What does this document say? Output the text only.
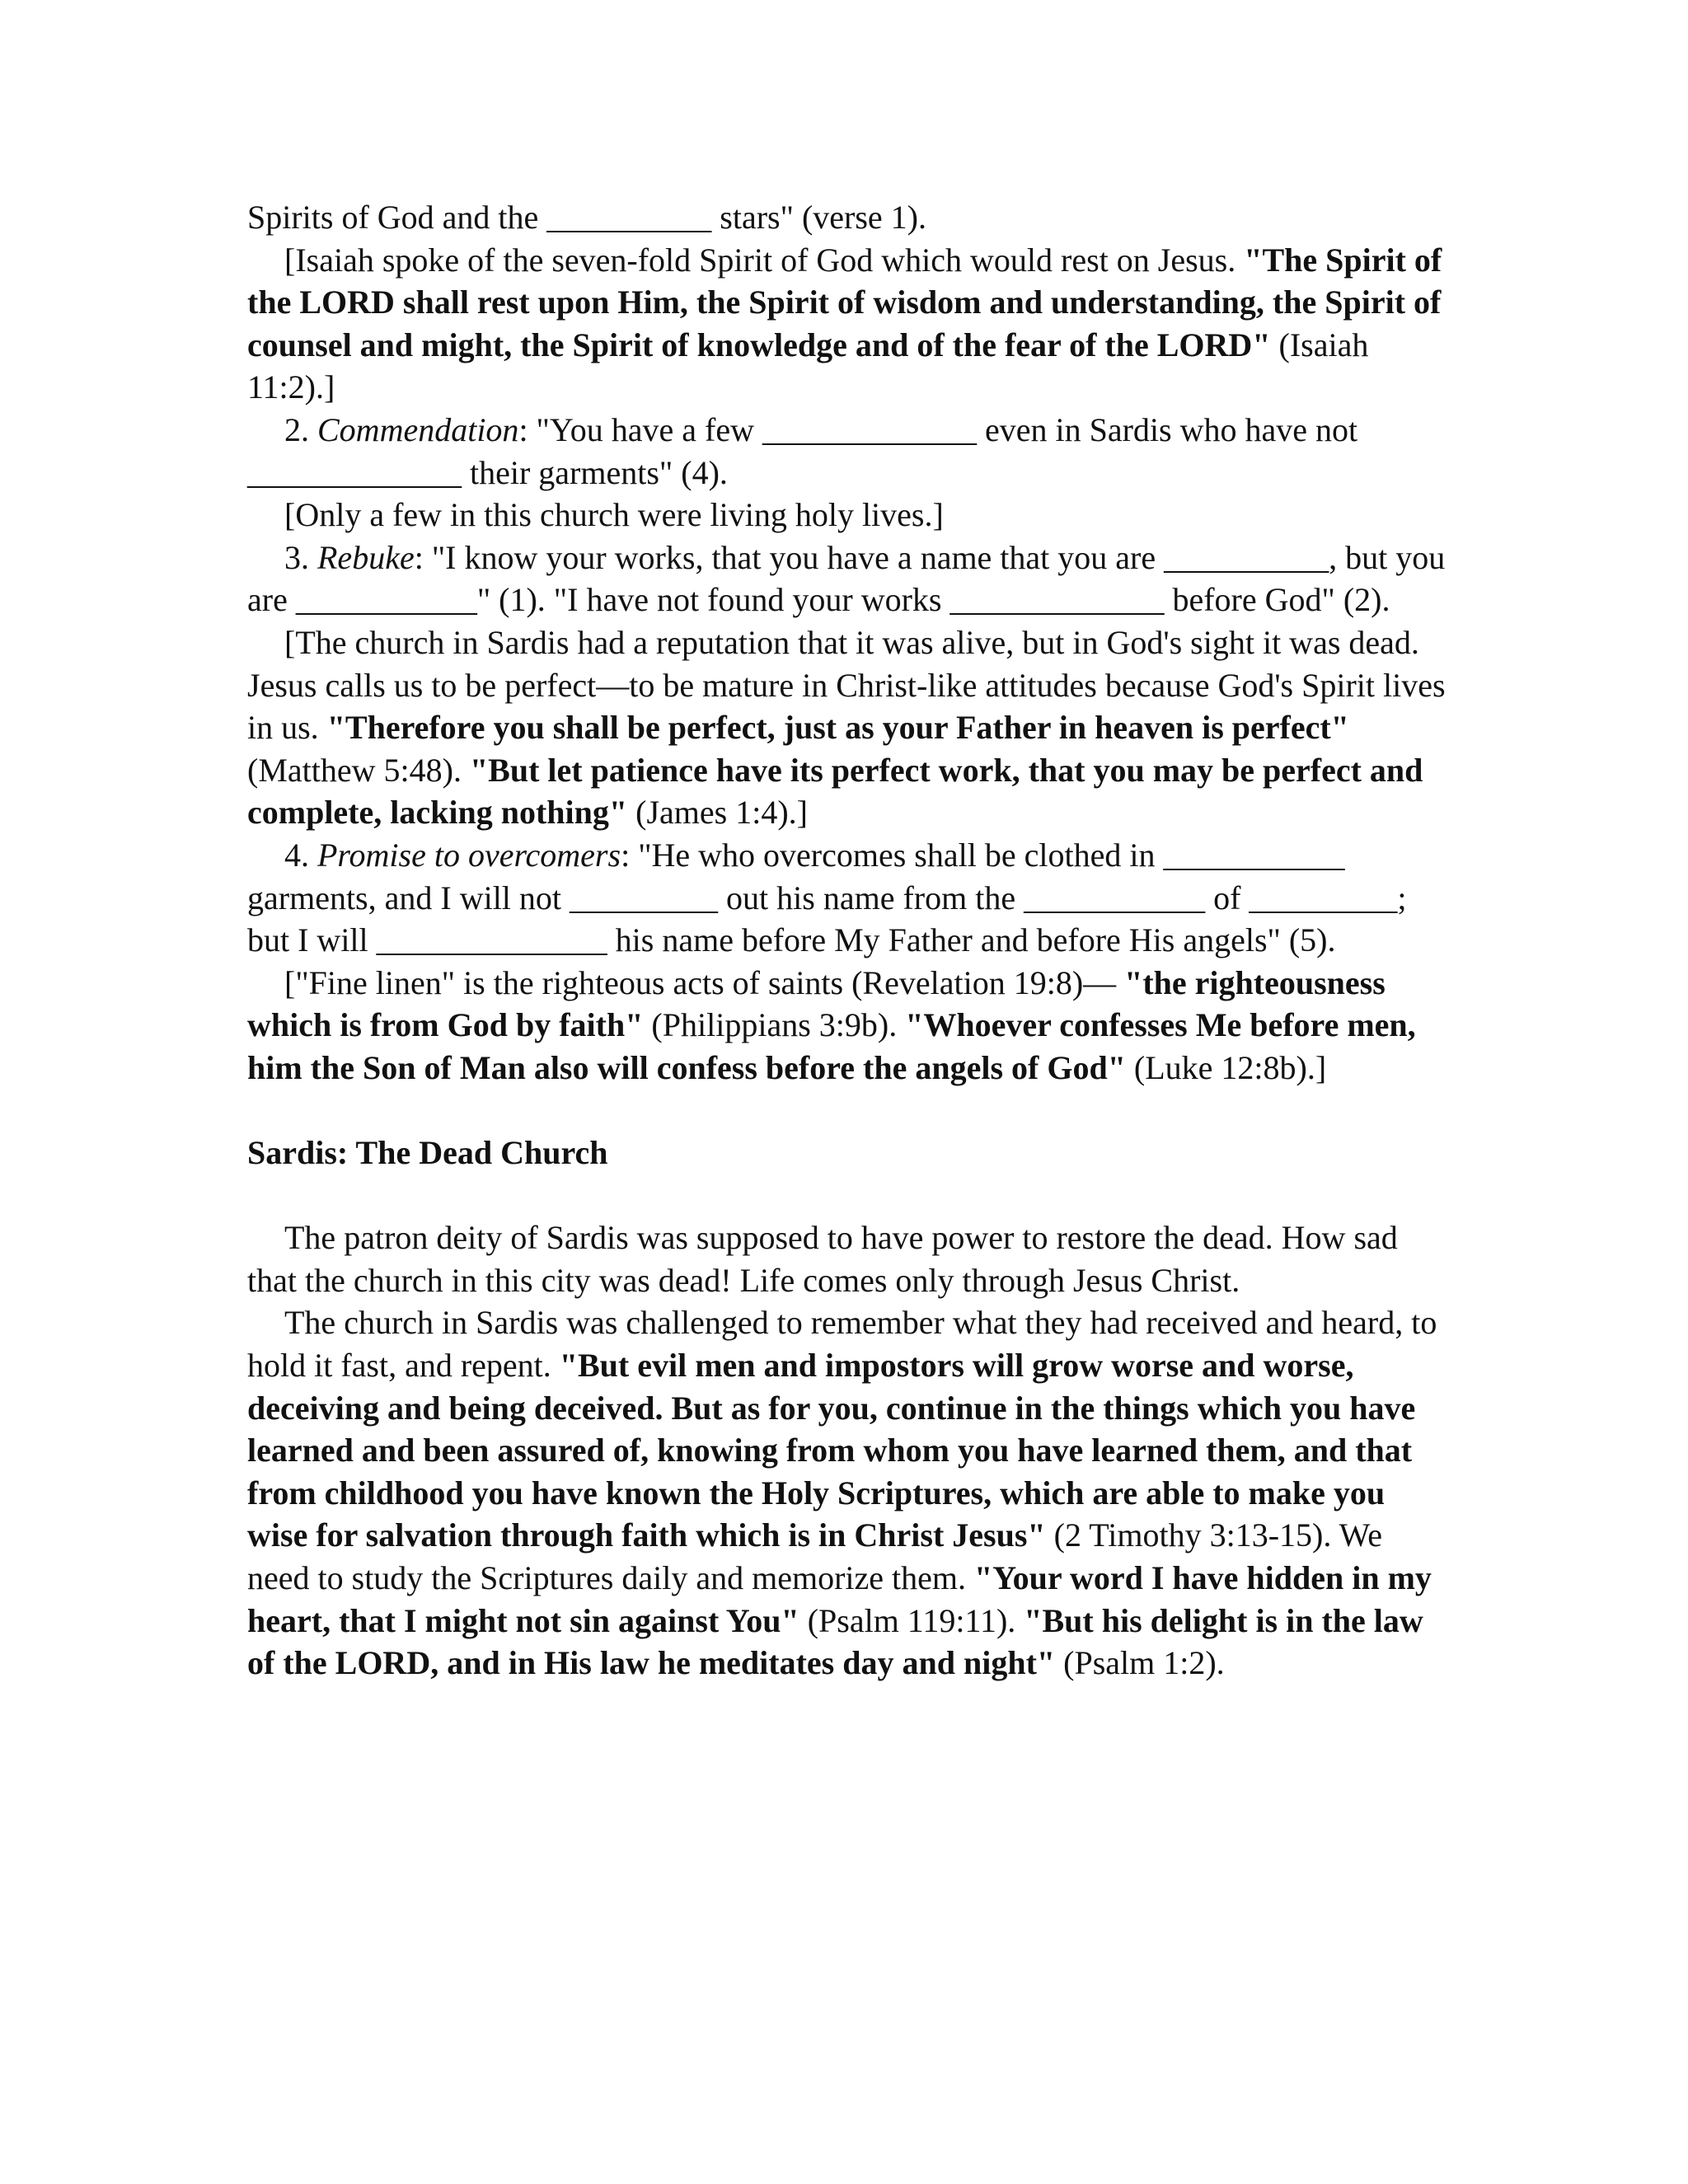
Spirits of God and the __________ stars" (verse 1).
[Isaiah spoke of the seven-fold Spirit of God which would rest on Jesus. "The Spirit of the LORD shall rest upon Him, the Spirit of wisdom and understanding, the Spirit of counsel and might, the Spirit of knowledge and of the fear of the LORD" (Isaiah 11:2).]
2. Commendation: "You have a few _____________ even in Sardis who have not _____________ their garments" (4).
[Only a few in this church were living holy lives.]
3. Rebuke: "I know your works, that you have a name that you are __________, but you are ___________" (1). "I have not found your works _____________ before God" (2).
[The church in Sardis had a reputation that it was alive, but in God's sight it was dead. Jesus calls us to be perfect—to be mature in Christ-like attitudes because God's Spirit lives in us. "Therefore you shall be perfect, just as your Father in heaven is perfect" (Matthew 5:48). "But let patience have its perfect work, that you may be perfect and complete, lacking nothing" (James 1:4).]
4. Promise to overcomers: "He who overcomes shall be clothed in ___________ garments, and I will not _________ out his name from the ___________ of _________; but I will ______________ his name before My Father and before His angels" (5).
["Fine linen" is the righteous acts of saints (Revelation 19:8)— "the righteousness which is from God by faith" (Philippians 3:9b). "Whoever confesses Me before men, him the Son of Man also will confess before the angels of God" (Luke 12:8b).]
Sardis: The Dead Church
The patron deity of Sardis was supposed to have power to restore the dead. How sad that the church in this city was dead! Life comes only through Jesus Christ.
The church in Sardis was challenged to remember what they had received and heard, to hold it fast, and repent. "But evil men and impostors will grow worse and worse, deceiving and being deceived. But as for you, continue in the things which you have learned and been assured of, knowing from whom you have learned them, and that from childhood you have known the Holy Scriptures, which are able to make you wise for salvation through faith which is in Christ Jesus" (2 Timothy 3:13-15). We need to study the Scriptures daily and memorize them. "Your word I have hidden in my heart, that I might not sin against You" (Psalm 119:11). "But his delight is in the law of the LORD, and in His law he meditates day and night" (Psalm 1:2).
